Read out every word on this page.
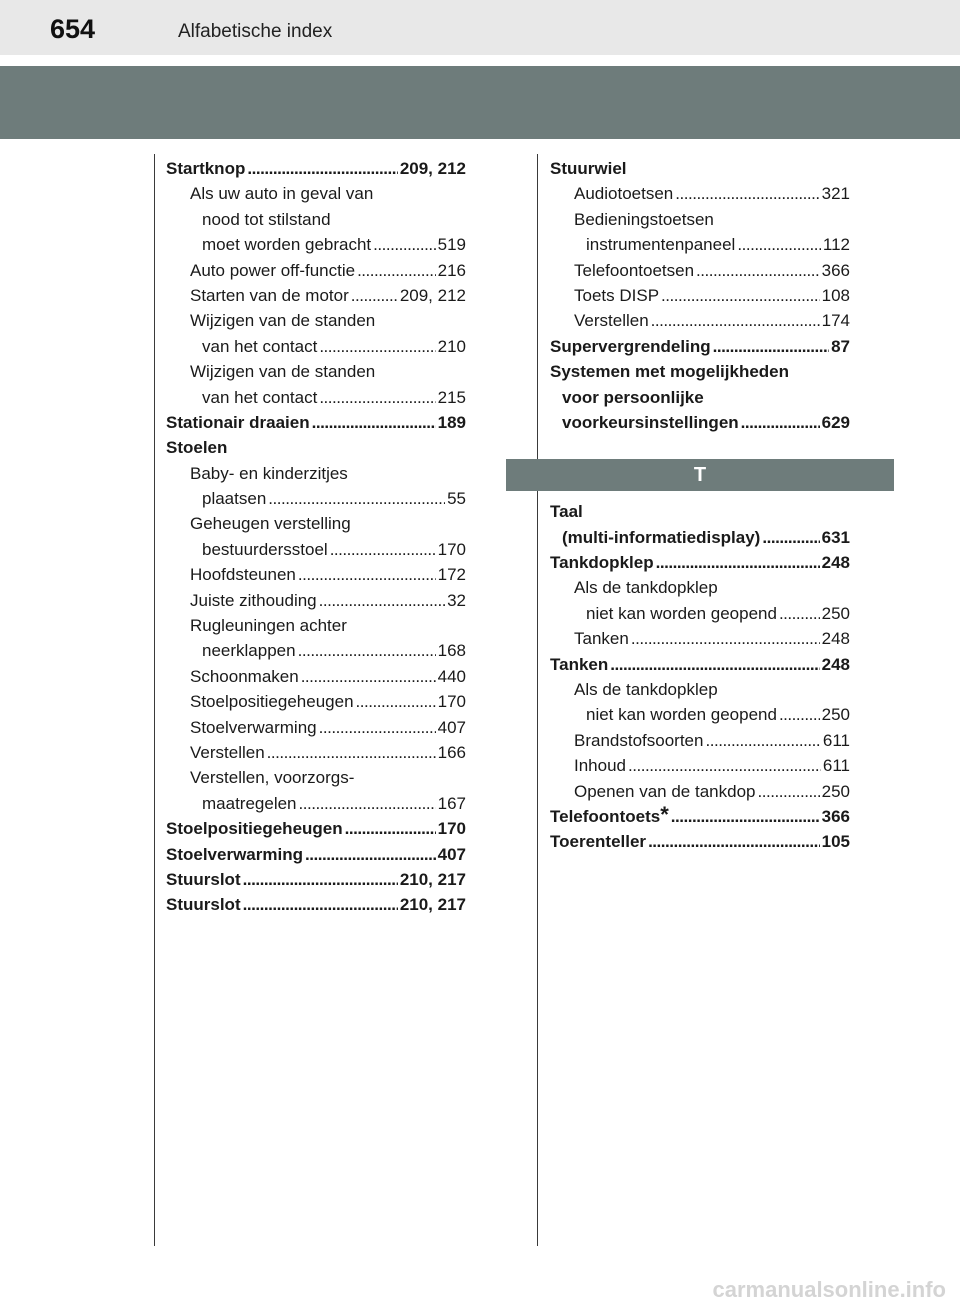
654	Alfabetische index
Startknop . . .	209, 212
Als uw auto in geval van
nood tot stilstand
moet worden gebracht . . .	519
Auto power off-functie . . .	216
Starten van de motor . . .	209, 212
Wijzigen van de standen
van het contact . . .	210
Wijzigen van de standen
van het contact . . .	215
Stationair draaien . . .	189
Stoelen
Baby- en kinderzitjes
plaatsen . . .	55
Geheugen verstelling
bestuurdersstoel . . .	170
Hoofdsteunen . . .	172
Juiste zithouding . . .	32
Rugleuningen achter
neerklappen . . .	168
Schoonmaken . . .	440
Stoelpositiegeheugen . . .	170
Stoelverwarming . . .	407
Verstellen . . .	166
Verstellen, voorzorgs-
maatregelen . . .	167
Stoelpositiegeheugen . . .	170
Stoelverwarming . . .	407
Stuurslot . . .	210, 217
Stuurslot . . .	210, 217
Stuurwiel
Audiotoetsen . . .	321
Bedieningstoetsen
instrumentenpaneel . . .	112
Telefoontoetsen . . .	366
Toets DISP . . .	108
Verstellen . . .	174
Supervergrendeling . . .	87
Systemen met mogelijkheden
voor persoonlijke
voorkeursinstellingen . . .	629
T
Taal
(multi-informatiedisplay) . . .	631
Tankdopklep . . .	248
Als de tankdopklep
niet kan worden geopend . . .	250
Tanken . . .	248
Tanken . . .	248
Als de tankdopklep
niet kan worden geopend . . .	250
Brandstofsoorten . . .	611
Inhoud . . .	611
Openen van de tankdop . . .	250
Telefoontoets * . . .	366
Toerenteller . . .	105
carmanualsonline.info
